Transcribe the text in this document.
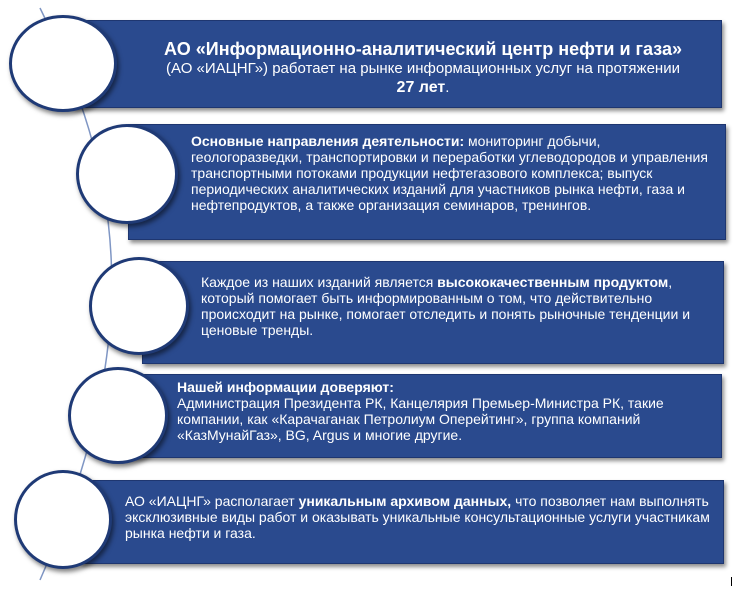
АО «Информационно-аналитический центр нефти и газа»
(АО «ИАЦНГ») работает на рынке информационных услуг на протяжении
27 лет.
Основные направления деятельности: мониторинг добычи, геологоразведки, транспортировки и переработки углеводородов и управления транспортными потоками продукции нефтегазового комплекса; выпуск периодических аналитических изданий для участников рынка нефти, газа и нефтепродуктов, а также организация семинаров, тренингов.
Каждое из наших изданий является высококачественным продуктом, который помогает быть информированным о том, что действительно происходит на рынке, помогает отследить и понять рыночные тенденции и ценовые тренды.
Нашей информации доверяют:
Администрация Президента РК, Канцелярия Премьер-Министра РК, такие компании, как «Карачаганак Петролиум Оперейтинг», группа компаний «КазМунайГаз», BG, Argus и многие другие.
АО «ИАЦНГ» располагает уникальным архивом данных, что позволяет нам выполнять эксклюзивные виды работ и оказывать уникальные консультационные услуги участникам рынка нефти и газа.
